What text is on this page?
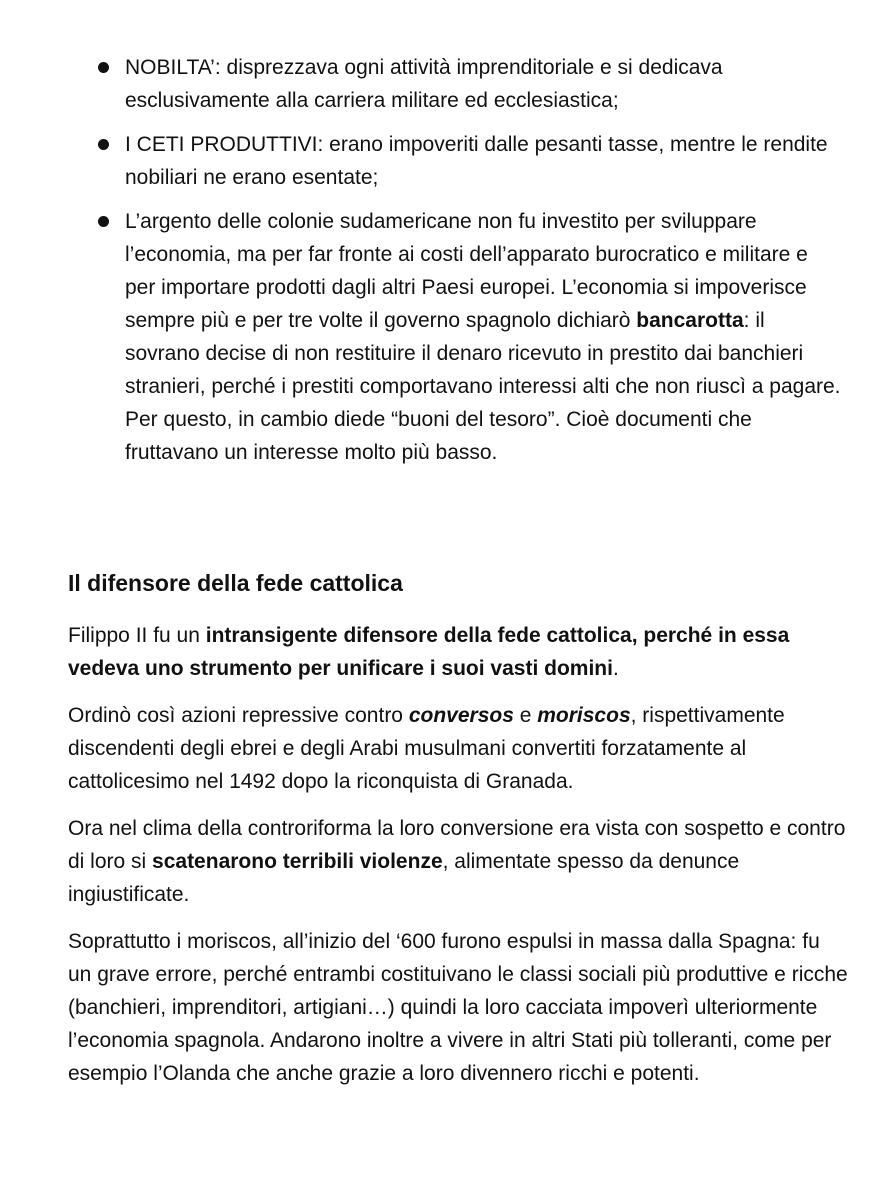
NOBILTA’: disprezzava ogni attività imprenditoriale e si dedicava esclusivamente alla carriera militare ed ecclesiastica;
I CETI PRODUTTIVI: erano impoveriti dalle pesanti tasse, mentre le rendite nobiliari ne erano esentate;
L’argento delle colonie sudamericane non fu investito per sviluppare l’economia, ma per far fronte ai costi dell’apparato burocratico e militare e per importare prodotti dagli altri Paesi europei. L’economia si impoverisce sempre più e per tre volte il governo spagnolo dichiarò bancarotta: il sovrano decise di non restituire il denaro ricevuto in prestito dai banchieri stranieri, perché i prestiti comportavano interessi alti che non riuscì a pagare. Per questo, in cambio diede “buoni del tesoro”. Cioè documenti che fruttavano un interesse molto più basso.
Il difensore della fede cattolica

Filippo II fu un intransigente difensore della fede cattolica, perché in essa vedeva uno strumento per unificare i suoi vasti domini.

Ordinò così azioni repressive contro conversos e moriscos, rispettivamente discendenti degli ebrei e degli Arabi musulmani convertiti forzatamente al cattolicesimo nel 1492 dopo la riconquista di Granada.

Ora nel clima della controriforma la loro conversione era vista con sospetto e contro di loro si scatenarono terribili violenze, alimentate spesso da denunce ingiustificate.

Soprattutto i moriscos, all’inizio del ‘600 furono espulsi in massa dalla Spagna: fu un grave errore, perché entrambi costituivano le classi sociali più produttive e ricche (banchieri, imprenditori, artigiani…) quindi la loro cacciata impoverì ulteriormente l’economia spagnola. Andarono inoltre a vivere in altri Stati più tolleranti, come per esempio l’Olanda che anche grazie a loro divennero ricchi e potenti.
